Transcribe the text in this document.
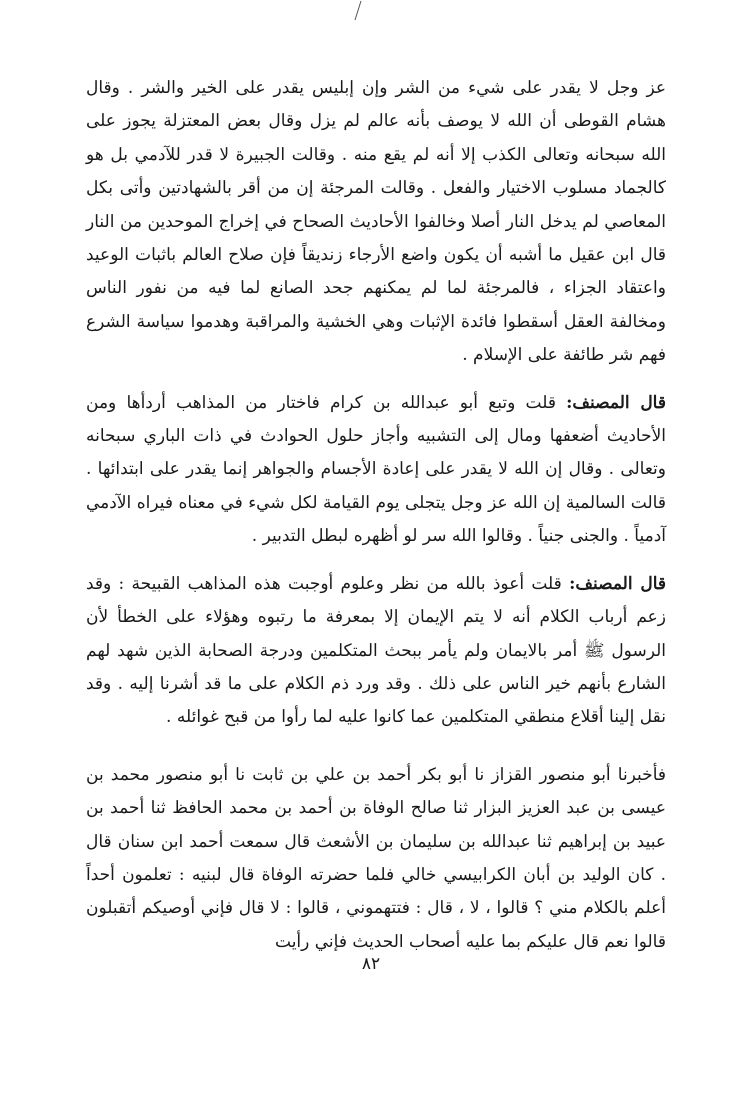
عز وجل لا يقدر على شيء من الشر وإن إبليس يقدر على الخير والشر . وقال هشام القوطى أن الله لا يوصف بأنه عالم لم يزل وقال بعض المعتزلة يجوز على الله سبحانه وتعالى الكذب إلا أنه لم يقع منه . وقالت الجبيرة لا قدر للآدمي بل هو كالجماد مسلوب الاختيار والفعل . وقالت المرجئة إن من أقر بالشهادتين وأتى بكل المعاصي لم يدخل النار أصلا وخالفوا الأحاديث الصحاح في إخراج الموحدين من النار قال ابن عقيل ما أشبه أن يكون واضع الأرجاء زنديقاً فإن صلاح العالم باثبات الوعيد واعتقاد الجزاء ، فالمرجئة لما لم يمكنهم جحد الصانع لما فيه من نفور الناس ومخالفة العقل أسقطوا فائدة الإثبات وهي الخشية والمراقبة وهدموا سياسة الشرع فهم شر طائفة على الإسلام .

قال المصنف: قلت وتبع أبو عبدالله بن كرام فاختار من المذاهب أردأها ومن الأحاديث أضعفها ومال إلى التشبيه وأجاز حلول الحوادث في ذات الباري سبحانه وتعالى . وقال إن الله لا يقدر على إعادة الأجسام والجواهر إنما يقدر على ابتدائها . قالت السالمية إن الله عز وجل يتجلى يوم القيامة لكل شيء في معناه فيراه الآدمي آدمياً . والجنى جنياً . وقالوا الله سر لو أظهره لبطل التدبير .

قال المصنف: قلت أعوذ بالله من نظر وعلوم أوجبت هذه المذاهب القبيحة : وقد زعم أرباب الكلام أنه لا يتم الإيمان إلا بمعرفة ما رتبوه وهؤلاء على الخطأ لأن الرسول ﷺ أمر بالايمان ولم يأمر ببحث المتكلمين ودرجة الصحابة الذين شهد لهم الشارع بأنهم خير الناس على ذلك . وقد ورد ذم الكلام على ما قد أشرنا إليه . وقد نقل إلينا أقلاع منطقي المتكلمين عما كانوا عليه لما رأوا من قبح غوائله .

فأخبرنا أبو منصور القزاز نا أبو بكر أحمد بن علي بن ثابت نا أبو منصور محمد بن عيسى بن عبد العزيز البزار ثنا صالح الوفاة بن أحمد بن محمد الحافظ ثنا أحمد بن عبيد بن إبراهيم ثنا عبدالله بن سليمان بن الأشعث قال سمعت أحمد ابن سنان قال . كان الوليد بن أبان الكرابيسي خالي فلما حضرته الوفاة قال لبنيه : تعلمون أحداً أعلم بالكلام مني ؟ قالوا ، لا ، قال : فتتهموني ، قالوا : لا قال فإني أوصيكم أتقبلون قالوا نعم قال عليكم بما عليه أصحاب الحديث فإني رأيت

٨٢
